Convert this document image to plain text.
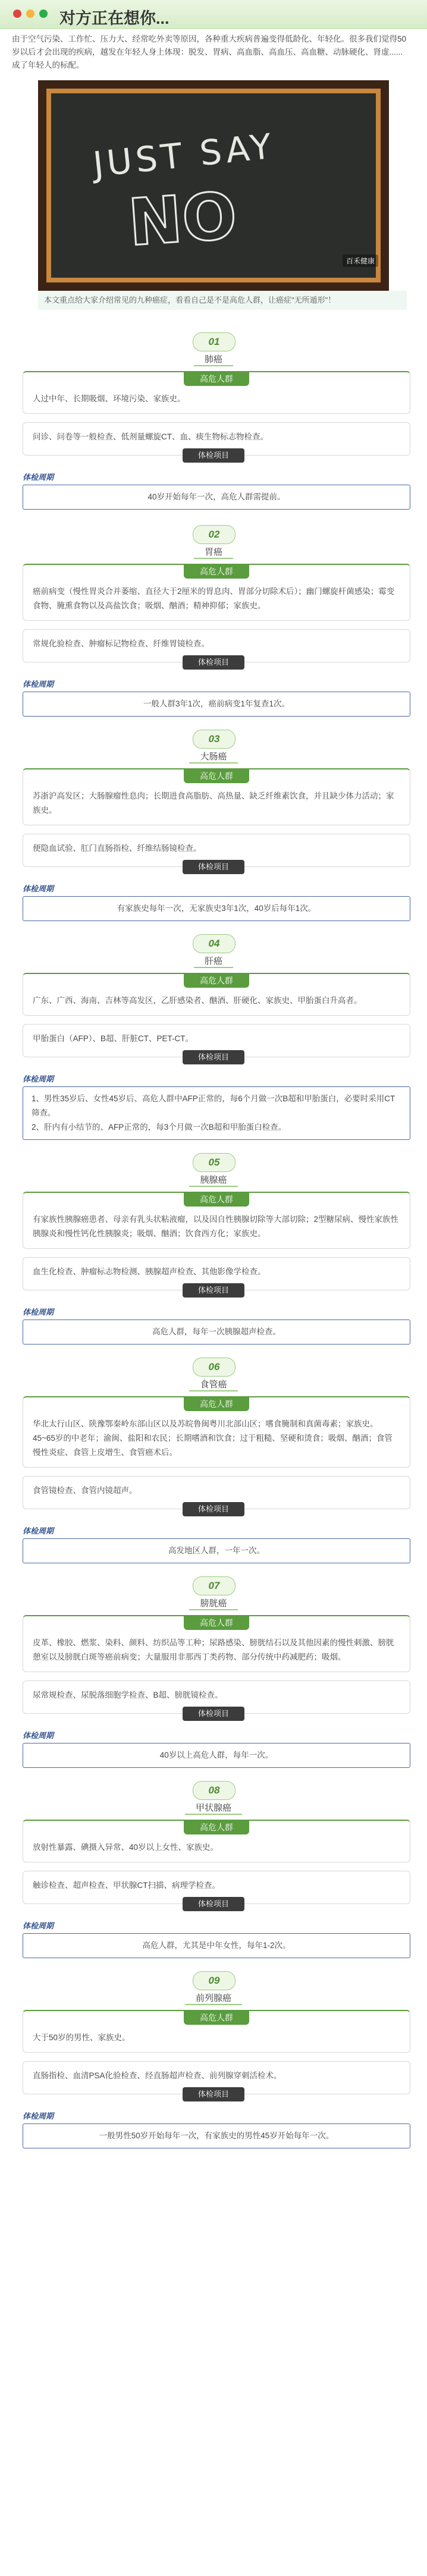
对方正在想你...
由于空气污染、工作忙、压力大、经常吃外卖等原因，各种重大疾病普遍变得低龄化、年轻化。很多我们觉得50岁以后才会出现的疾病，越发在年轻人身上体现：脱发、胃病、高血脂、高血压、高血糖、动脉硬化、肾虚......成了年轻人的标配。
JUST SAY
NO
百禾健康
本文重点给大家介绍常见的九种癌症，看看自己是不是高危人群，让癌症"无所遁形"！
01
肺癌
高危人群
人过中年、长期吸烟、环境污染、家族史。
问诊、问卷等一般检查、低剂量螺旋CT、血、痰生物标志物检查。
体检项目
体检周期
40岁开始每年一次，高危人群需提前。
02
胃癌
高危人群
癌前病变（慢性胃炎合并萎缩、直径大于2厘米的胃息肉、胃部分切除术后）；幽门螺旋杆菌感染；霉变食物、腌熏食物以及高盐饮食；吸烟、酗酒；精神抑郁；家族史。
常规化验检查、肿瘤标记物检查、纤维胃镜检查。
体检项目
体检周期
一般人群3年1次，癌前病变1年复查1次。
03
大肠癌
高危人群
苏浙沪高发区；大肠腺瘤性息肉；长期进食高脂肪、高热量、缺乏纤维素饮食，并且缺少体力活动；家族史。
便隐血试验、肛门直肠指检、纤维结肠镜检查。
体检项目
体检周期
有家族史每年一次，无家族史3年1次，40岁后每年1次。
04
肝癌
高危人群
广东、广西、海南、吉林等高发区，乙肝感染者、酗酒、肝硬化、家族史、甲胎蛋白升高者。
甲胎蛋白（AFP）、B超、肝脏CT、PET-CT。
体检项目
体检周期
1、男性35岁后、女性45岁后、高危人群中AFP正常的，每6个月做一次B超和甲胎蛋白，必要时采用CT筛查。
2、肝内有小结节的、AFP正常的，每3个月做一次B超和甲胎蛋白检查。
05
胰腺癌
高危人群
有家族性胰腺癌患者、母亲有乳头状粘液瘤，以及因自性胰腺切除等大部切除；2型糖尿病、慢性家族性胰腺炎和慢性钙化性胰腺炎；吸烟、酗酒；饮食西方化；家族史。
血生化检查、肿瘤标志物检测、胰腺超声检查、其他影像学检查。
体检项目
体检周期
高危人群，每年一次胰腺超声检查。
06
食管癌
高危人群
华北太行山区、陕豫鄂秦岭东部山区以及苏皖鲁闽粤川北部山区；嗜食腌制和真菌毒素；家族史。45~65岁的中老年；渝闽、盐阳和农民；长期嗜酒和饮食；过于粗糙、坚硬和烫食；吸烟、酗酒；食管慢性炎症、食管上皮增生、食管癌术后。
食管镜检查、食管内镜超声。
体检项目
体检周期
高发地区人群，一年一次。
07
膀胱癌
高危人群
皮革、橡胶、燃浆、染料、颜料、纺织品等工种；尿路感染、膀胱结石以及其他因素的慢性刺激、膀胱憩室以及膀胱白斑等癌前病变；大量服用非那西丁类药物、部分传统中药减肥药；吸烟。
尿常规检查、尿脱落细胞学检查、B超、膀胱镜检查。
体检项目
体检周期
40岁以上高危人群，每年一次。
08
甲状腺癌
高危人群
放射性暴露、碘摄入异常、40岁以上女性、家族史。
触诊检查、超声检查、甲状腺CT扫描、病理学检查。
体检项目
体检周期
高危人群，尤其是中年女性，每年1-2次。
09
前列腺癌
高危人群
大于50岁的男性、家族史。
直肠指检、血清PSA化验检查、经直肠超声检查、前列腺穿刺活检术。
体检项目
体检周期
一般男性50岁开始每年一次，有家族史的男性45岁开始每年一次。
